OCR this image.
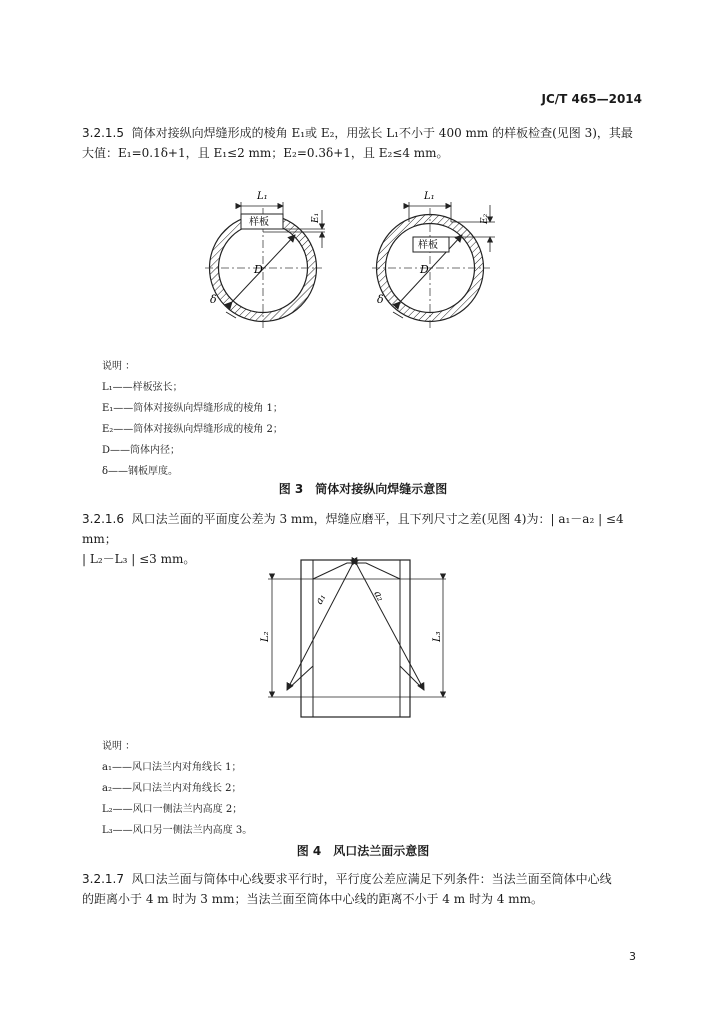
JC/T 465—2014
3.2.1.5 筒体对接纵向焊缝形成的棱角 E₁或 E₂，用弦长 L₁不小于 400 mm 的样板检查(见图 3)，其最
大值：E₁=0.1δ+1，且 E₁≤2 mm；E₂=0.3δ+1，且 E₂≤4 mm。
L₁
样板	E₁
D
δ
L₁
样板
E₂
D
δ
说明 ：
L₁——样板弦长；
E₁——筒体对接纵向焊缝形成的棱角 1；
E₂——筒体对接纵向焊缝形成的棱角 2；
D——筒体内径；
δ——钢板厚度。
图 3　筒体对接纵向焊缝示意图
3.2.1.6 风口法兰面的平面度公差为 3 mm，焊缝应磨平，且下列尺寸之差(见图 4)为：| a₁－a₂ | ≤4 mm；
| L₂－L₃ | ≤3 mm。
a₁	a₂
L₂	L₃
说明 ：
a₁——风口法兰内对角线长 1；
a₂——风口法兰内对角线长 2；
L₂——风口一侧法兰内高度 2；
L₃——风口另一侧法兰内高度 3。
图 4　风口法兰面示意图
3.2.1.7 风口法兰面与筒体中心线要求平行时，平行度公差应满足下列条件：当法兰面至筒体中心线
的距离小于 4 m 时为 3 mm；当法兰面至筒体中心线的距离不小于 4 m 时为 4 mm。
3
